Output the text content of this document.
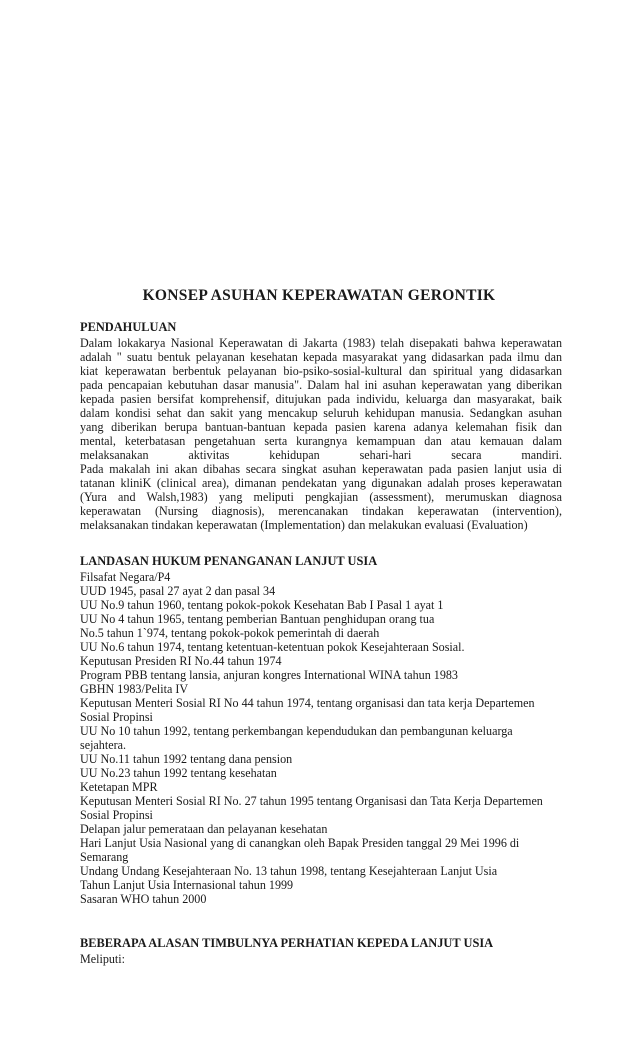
KONSEP ASUHAN KEPERAWATAN GERONTIK
PENDAHULUAN
Dalam lokakarya Nasional Keperawatan di Jakarta (1983) telah disepakati bahwa keperawatan
adalah " suatu bentuk pelayanan kesehatan kepada masyarakat yang didasarkan pada ilmu dan
kiat keperawatan berbentuk pelayanan bio-psiko-sosial-kultural dan spiritual yang didasarkan
pada pencapaian kebutuhan dasar manusia". Dalam hal ini asuhan keperawatan yang diberikan
kepada pasien bersifat komprehensif, ditujukan pada individu, keluarga dan masyarakat, baik
dalam kondisi sehat dan sakit yang mencakup seluruh kehidupan manusia. Sedangkan asuhan
yang diberikan berupa bantuan-bantuan kepada pasien karena adanya kelemahan fisik dan
mental, keterbatasan pengetahuan serta kurangnya kemampuan dan atau kemauan dalam
melaksanakan aktivitas kehidupan sehari-hari secara mandiri.
Pada makalah ini akan dibahas secara singkat asuhan keperawatan pada pasien lanjut usia di
tatanan kliniK (clinical area), dimanan pendekatan yang digunakan adalah proses keperawatan
(Yura and Walsh,1983) yang meliputi pengkajian (assessment), merumuskan diagnosa
keperawatan (Nursing diagnosis), merencanakan tindakan keperawatan (intervention),
melaksanakan tindakan keperawatan (Implementation) dan melakukan evaluasi (Evaluation)
LANDASAN HUKUM PENANGANAN LANJUT USIA
Filsafat Negara/P4
UUD 1945, pasal 27 ayat 2 dan pasal 34
UU No.9 tahun 1960, tentang pokok-pokok Kesehatan Bab I Pasal 1 ayat 1
UU No 4 tahun 1965, tentang pemberian Bantuan penghidupan orang tua
No.5 tahun 1`974, tentang pokok-pokok pemerintah di daerah
UU No.6 tahun 1974, tentang ketentuan-ketentuan pokok Kesejahteraan Sosial.
Keputusan Presiden RI No.44 tahun 1974
Program PBB tentang lansia, anjuran kongres International WINA tahun 1983
GBHN 1983/Pelita IV
Keputusan Menteri Sosial RI No 44 tahun 1974, tentang organisasi dan tata kerja Departemen
Sosial Propinsi
UU No 10 tahun 1992, tentang perkembangan kependudukan dan pembangunan keluarga
sejahtera.
UU No.11 tahun 1992 tentang dana pension
UU No.23 tahun 1992 tentang kesehatan
Ketetapan MPR
Keputusan Menteri Sosial RI No. 27 tahun 1995 tentang Organisasi dan Tata Kerja Departemen
Sosial Propinsi
Delapan jalur pemerataan dan pelayanan kesehatan
Hari Lanjut Usia Nasional yang di canangkan oleh Bapak Presiden tanggal 29 Mei 1996 di
Semarang
Undang Undang Kesejahteraan No. 13 tahun 1998, tentang Kesejahteraan Lanjut Usia
Tahun Lanjut Usia Internasional tahun 1999
Sasaran WHO tahun 2000
BEBERAPA ALASAN TIMBULNYA PERHATIAN KEPEDA LANJUT USIA
Meliputi:
